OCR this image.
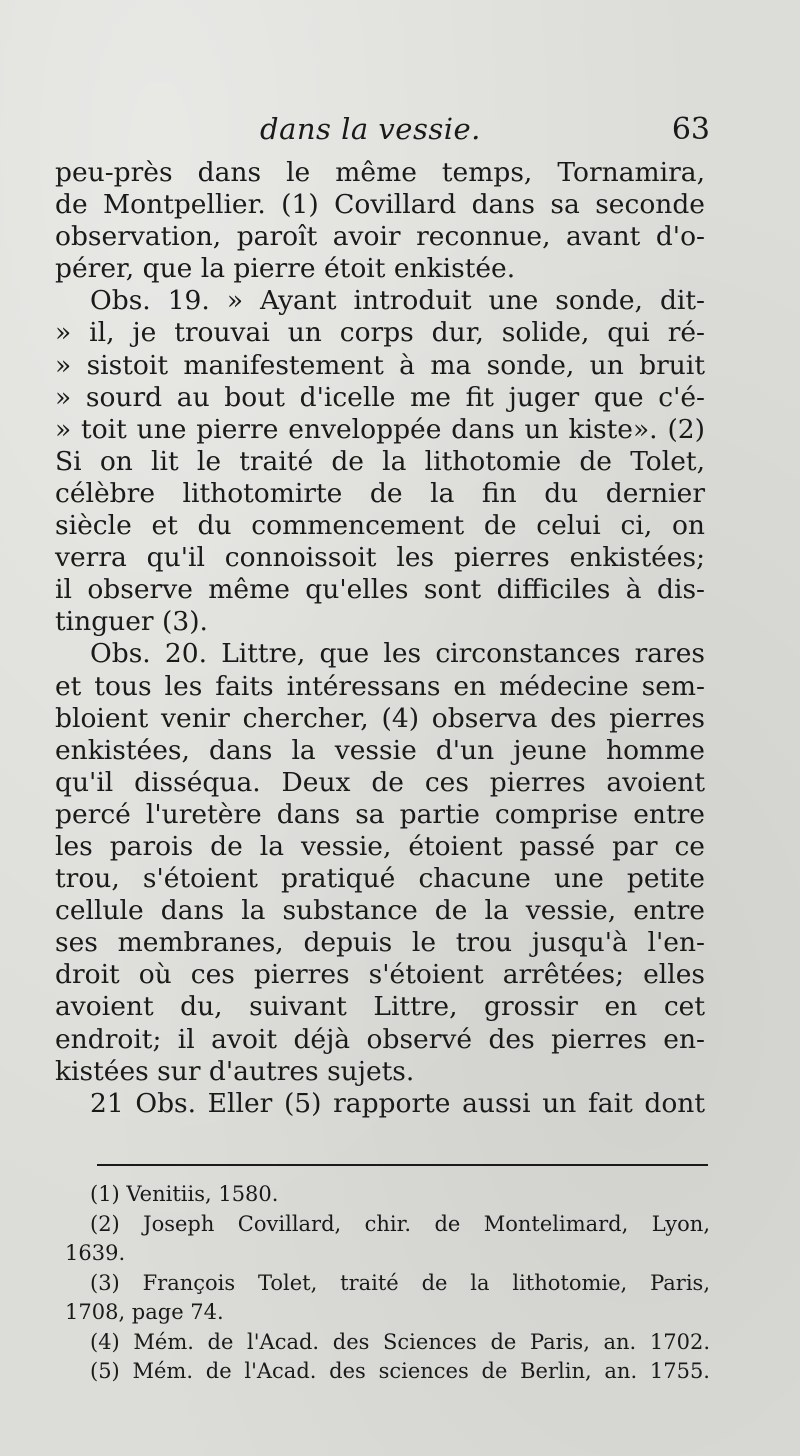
dans la vessie.	63
peu-près dans le même temps, Tornamira,
de Montpellier. (1) Covillard dans sa seconde
observation, paroît avoir reconnue, avant d'o-
pérer, que la pierre étoit enkistée.
Obs. 19. » Ayant introduit une sonde, dit-
» il, je trouvai un corps dur, solide, qui ré-
» sistoit manifestement à ma sonde, un bruit
» sourd au bout d'icelle me fit juger que c'é-
» toit une pierre enveloppée dans un kiste». (2)
Si on lit le traité de la lithotomie de Tolet,
célèbre lithotomirte de la fin du dernier
siècle et du commencement de celui ci, on
verra qu'il connoissoit les pierres enkistées;
il observe même qu'elles sont difficiles à dis-
tinguer (3).
Obs. 20. Littre, que les circonstances rares
et tous les faits intéressans en médecine sem-
bloient venir chercher, (4) observa des pierres
enkistées, dans la vessie d'un jeune homme
qu'il disséqua. Deux de ces pierres avoient
percé l'uretère dans sa partie comprise entre
les parois de la vessie, étoient passé par ce
trou, s'étoient pratiqué chacune une petite
cellule dans la substance de la vessie, entre
ses membranes, depuis le trou jusqu'à l'en-
droit où ces pierres s'étoient arrêtées; elles
avoient du, suivant Littre, grossir en cet
endroit; il avoit déjà observé des pierres en-
kistées sur d'autres sujets.
21 Obs. Eller (5) rapporte aussi un fait dont
(1) Venitiis, 1580.
(2) Joseph Covillard, chir. de Montelimard, Lyon,
1639.
(3) François Tolet, traité de la lithotomie, Paris,
1708, page 74.
(4) Mém. de l'Acad. des Sciences de Paris, an. 1702.
(5) Mém. de l'Acad. des sciences de Berlin, an. 1755.
